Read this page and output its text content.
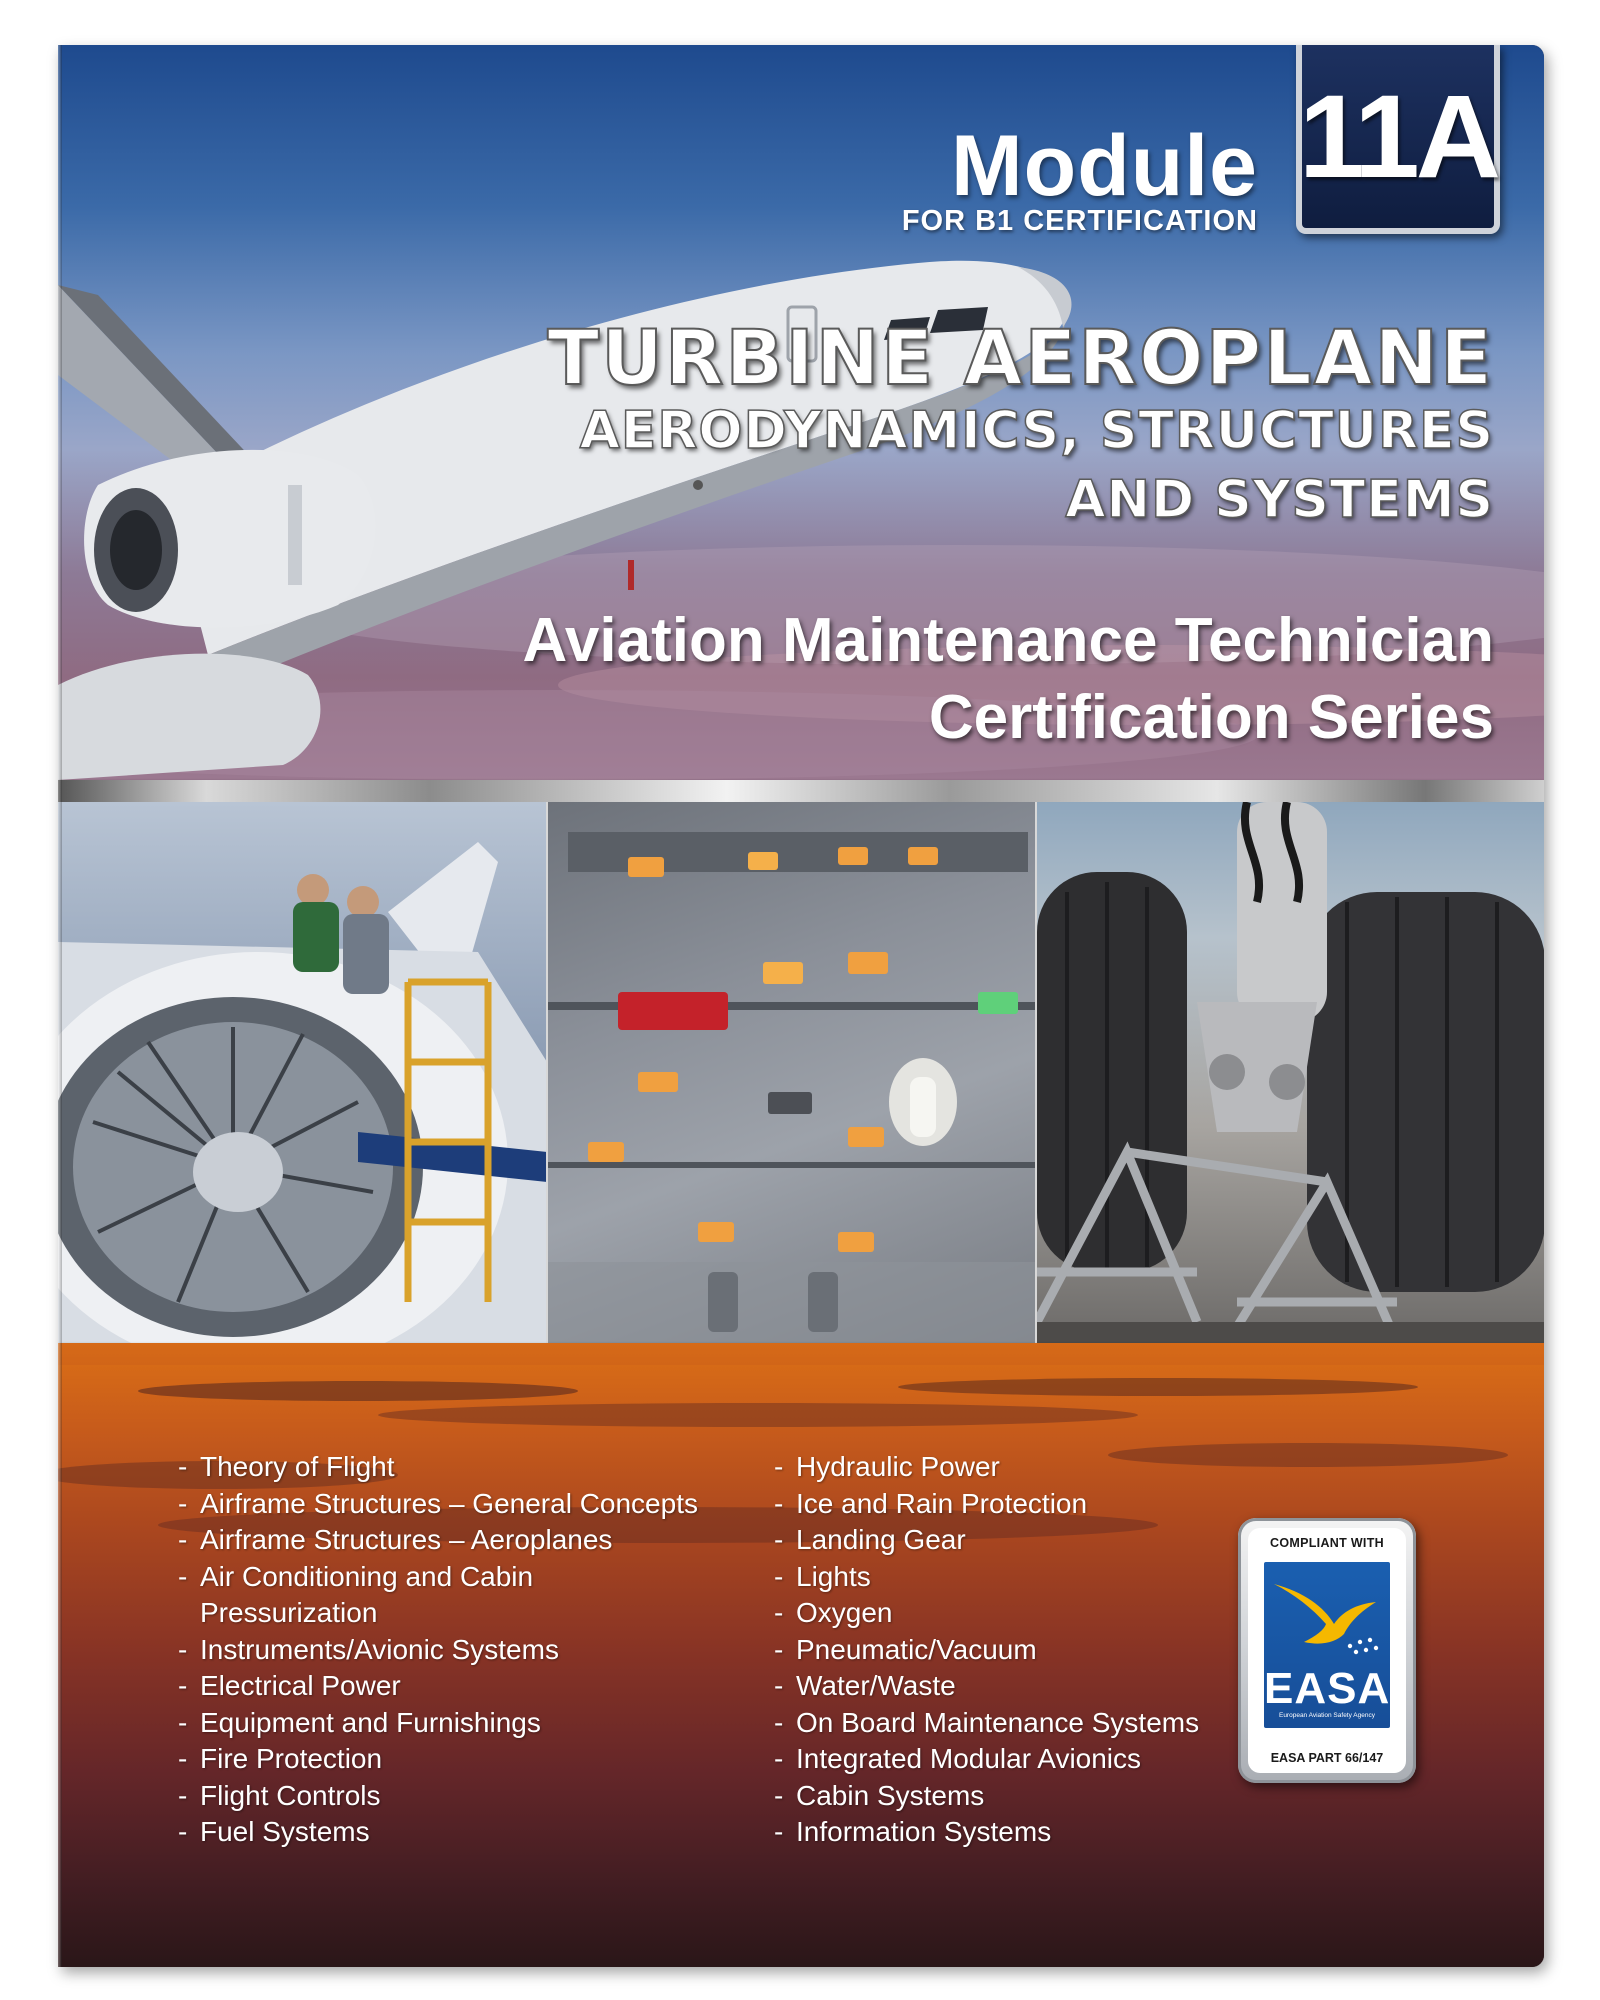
Module
FOR B1 CERTIFICATION
11A
TURBINE AEROPLANE
AERODYNAMICS, STRUCTURES
AND SYSTEMS
Aviation Maintenance Technician
Certification Series
- Theory of Flight
- Airframe Structures – General Concepts
- Airframe Structures – Aeroplanes
- Air Conditioning and Cabin
Pressurization
- Instruments/Avionic Systems
- Electrical Power
- Equipment and Furnishings
- Fire Protection
- Flight Controls
- Fuel Systems
- Hydraulic Power
- Ice and Rain Protection
- Landing Gear
- Lights
- Oxygen
- Pneumatic/Vacuum
- Water/Waste
- On Board Maintenance Systems
- Integrated Modular Avionics
- Cabin Systems
- Information Systems
COMPLIANT WITH
EASA
European Aviation Safety Agency
EASA PART 66/147
